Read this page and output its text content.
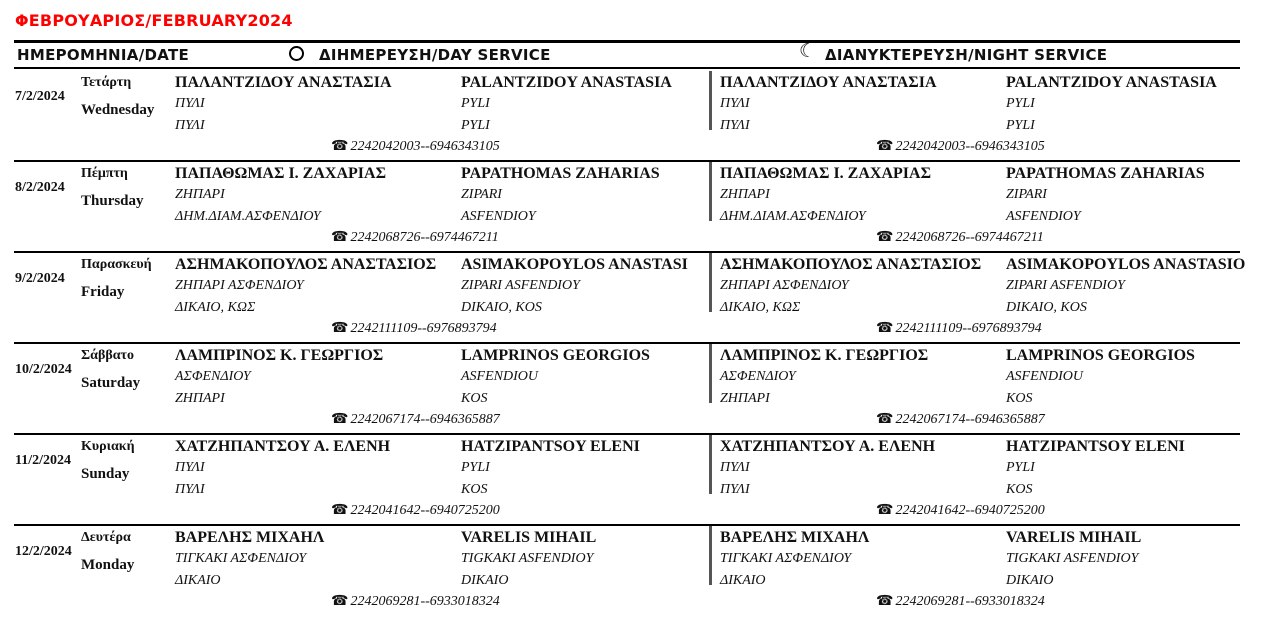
ΦΕΒΡΟΥΑΡΙΟΣ/FEBRUARY2024
ΗΜΕΡΟΜΗΝΙΑ/DATE	ΔΙΗΜΕΡΕΥΣΗ/DAY SERVICE	☾ ΔΙΑΝΥΚΤΕΡΕΥΣΗ/NIGHT SERVICE
7/2/2024
Τετάρτη
Wednesday
ΠΑΛΑΝΤΖΙΔΟΥ ΑΝΑΣΤΑΣΙΑ	PALANTZIDOY ANASTASIA
ΠΥΛΙ	PYLI
ΠΥΛΙ	PYLI
☎ 2242042003--6946343105
ΠΑΛΑΝΤΖΙΔΟΥ ΑΝΑΣΤΑΣΙΑ	PALANTZIDOY ANASTASIA
ΠΥΛΙ	PYLI
ΠΥΛΙ	PYLI
☎ 2242042003--6946343105
8/2/2024
Πέμπτη
Thursday
ΠΑΠΑΘΩΜΑΣ Ι. ΖΑΧΑΡΙΑΣ	PAPATHOMAS ZAHARIAS
ΖΗΠΑΡΙ	ZIPARI
ΔΗΜ.ΔΙΑΜ.ΑΣΦΕΝΔΙΟΥ	ASFENDIOY
☎ 2242068726--6974467211
ΠΑΠΑΘΩΜΑΣ Ι. ΖΑΧΑΡΙΑΣ	PAPATHOMAS ZAHARIAS
ΖΗΠΑΡΙ	ZIPARI
ΔΗΜ.ΔΙΑΜ.ΑΣΦΕΝΔΙΟΥ	ASFENDIOY
☎ 2242068726--6974467211
9/2/2024
Παρασκευή
Friday
ΑΣΗΜΑΚΟΠΟΥΛΟΣ ΑΝΑΣΤΑΣΙΟΣ ASIMAKOPOYLOS ANASTASI
ΖΗΠΑΡΙ ΑΣΦΕΝΔΙΟΥ	ZIPARI ASFENDIOY
ΔΙΚΑΙΟ, ΚΩΣ	DIKAIO, KOS
☎ 2242111109--6976893794
ΑΣΗΜΑΚΟΠΟΥΛΟΣ ΑΝΑΣΤΑΣΙΟΣ ASIMAKOPOYLOS ANASTASIO
ΖΗΠΑΡΙ ΑΣΦΕΝΔΙΟΥ	ZIPARI ASFENDIOY
ΔΙΚΑΙΟ, ΚΩΣ	DIKAIO, KOS
☎ 2242111109--6976893794
10/2/2024
Σάββατο
Saturday
ΛΑΜΠΡΙΝΟΣ Κ. ΓΕΩΡΓΙΟΣ	LAMPRINOS GEORGIOS
ΑΣΦΕΝΔΙΟΥ	ASFENDIOU
ΖΗΠΑΡΙ	KOS
☎ 2242067174--6946365887
ΛΑΜΠΡΙΝΟΣ Κ. ΓΕΩΡΓΙΟΣ	LAMPRINOS GEORGIOS
ΑΣΦΕΝΔΙΟΥ	ASFENDIOU
ΖΗΠΑΡΙ	KOS
☎ 2242067174--6946365887
11/2/2024
Κυριακή
Sunday
ΧΑΤΖΗΠΑΝΤΣΟΥ Α. ΕΛΕΝΗ	HATZIPANTSOY ELENI
ΠΥΛΙ	PYLI
ΠΥΛΙ	KOS
☎ 2242041642--6940725200
ΧΑΤΖΗΠΑΝΤΣΟΥ Α. ΕΛΕΝΗ	HATZIPANTSOY ELENI
ΠΥΛΙ	PYLI
ΠΥΛΙ	KOS
☎ 2242041642--6940725200
12/2/2024
Δευτέρα
Monday
ΒΑΡΕΛΗΣ ΜΙΧΑΗΛ	VARELIS MIHAIL
ΤΙΓΚΑΚΙ ΑΣΦΕΝΔΙΟΥ	TIGKAKI ASFENDIOY
ΔΙΚΑΙΟ	DIKAIO
☎ 2242069281--6933018324
ΒΑΡΕΛΗΣ ΜΙΧΑΗΛ	VARELIS MIHAIL
ΤΙΓΚΑΚΙ ΑΣΦΕΝΔΙΟΥ	TIGKAKI ASFENDIOY
ΔΙΚΑΙΟ	DIKAIO
☎ 2242069281--6933018324
